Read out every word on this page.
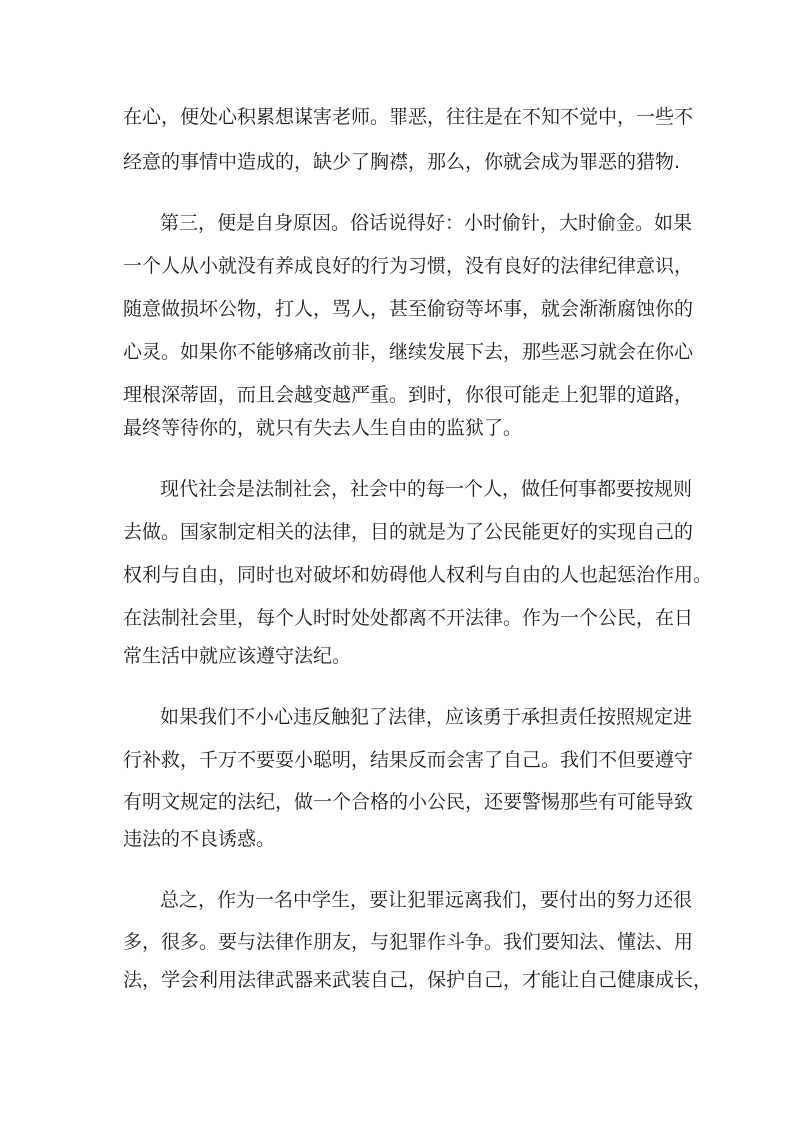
在心，便处心积累想谋害老师。罪恶，往往是在不知不觉中，一些不

经意的事情中造成的，缺少了胸襟，那么，你就会成为罪恶的猎物.

第三，便是自身原因。俗话说得好：小时偷针，大时偷金。如果

一个人从小就没有养成良好的行为习惯，没有良好的法律纪律意识，

随意做损坏公物，打人，骂人，甚至偷窃等坏事，就会渐渐腐蚀你的

心灵。如果你不能够痛改前非，继续发展下去，那些恶习就会在你心

理根深蒂固，而且会越变越严重。到时，你很可能走上犯罪的道路，

最终等待你的，就只有失去人生自由的监狱了。

现代社会是法制社会，社会中的每一个人，做任何事都要按规则

去做。国家制定相关的法律，目的就是为了公民能更好的实现自己的

权利与自由，同时也对破坏和妨碍他人权利与自由的人也起惩治作用。

在法制社会里，每个人时时处处都离不开法律。作为一个公民，在日

常生活中就应该遵守法纪。

如果我们不小心违反触犯了法律，应该勇于承担责任按照规定进

行补救，千万不要耍小聪明，结果反而会害了自己。我们不但要遵守

有明文规定的法纪，做一个合格的小公民，还要警惕那些有可能导致

违法的不良诱惑。

总之，作为一名中学生，要让犯罪远离我们，要付出的努力还很

多，很多。要与法律作朋友，与犯罪作斗争。我们要知法、懂法、用

法，学会利用法律武器来武装自己，保护自己，才能让自己健康成长，
